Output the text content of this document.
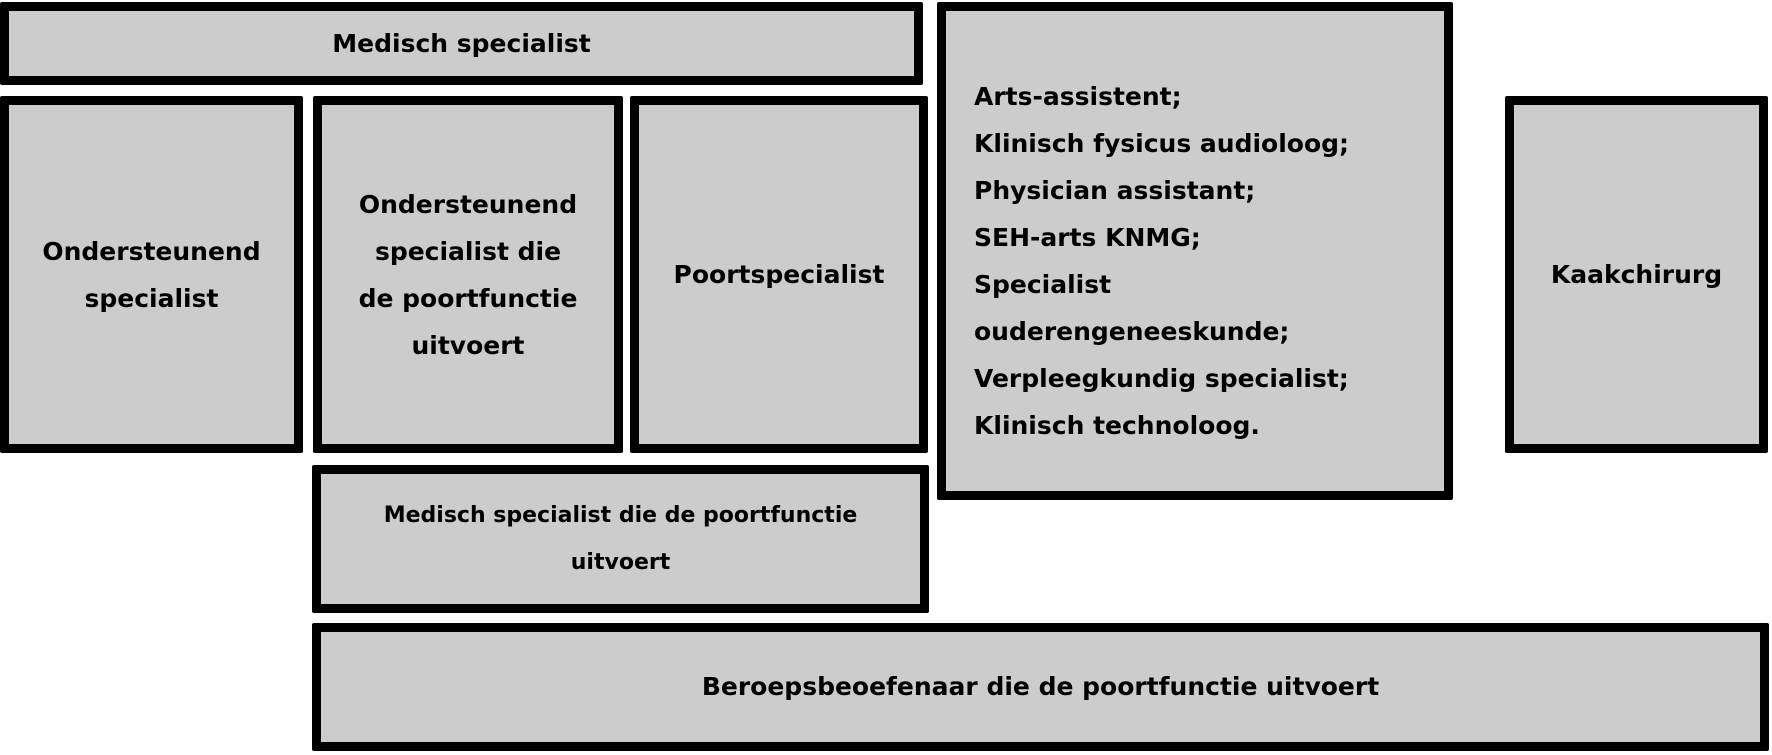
Medisch specialist
Ondersteunend
specialist
Ondersteunend
specialist die
de poortfunctie
uitvoert
Poortspecialist
Arts-assistent;
Klinisch fysicus audioloog;
Physician assistant;
SEH-arts KNMG;
Specialist
ouderengeneeskunde;
Verpleegkundig specialist;
Klinisch technoloog.
Kaakchirurg
Medisch specialist die de poortfunctie
uitvoert
Beroepsbeoefenaar die de poortfunctie uitvoert
